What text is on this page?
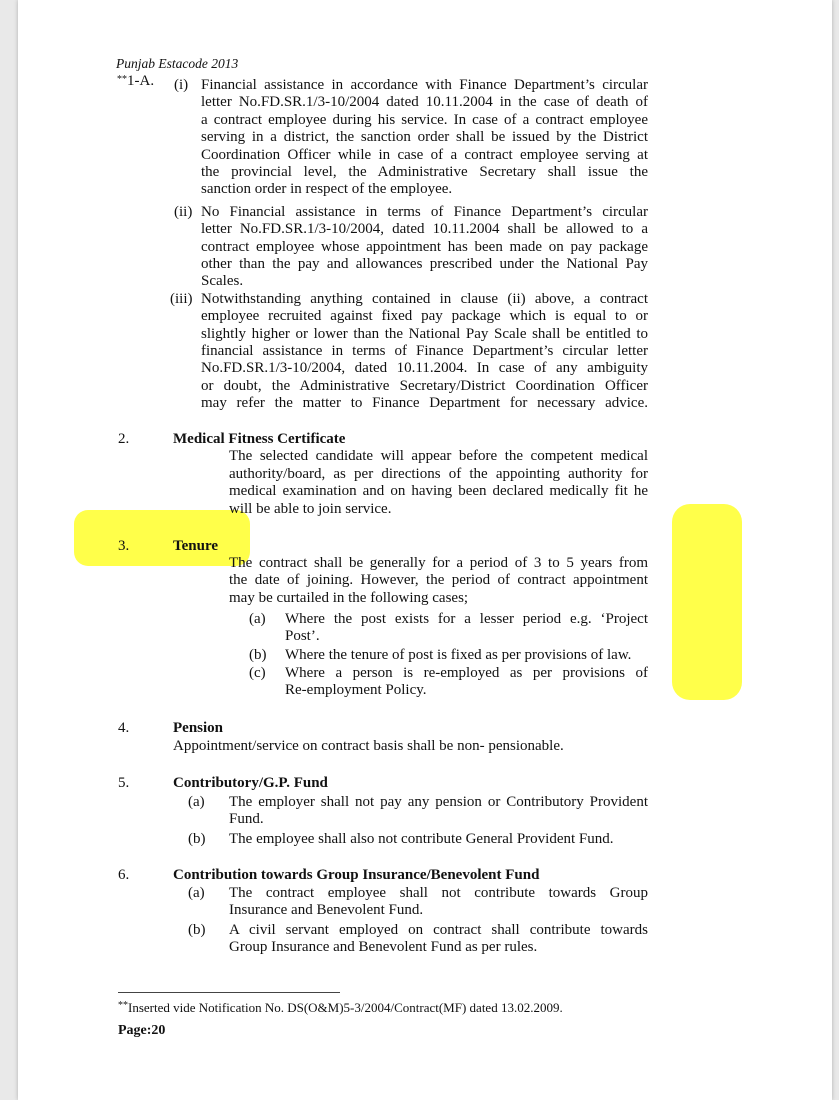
Punjab Estacode 2013
**1-A. (i) Financial assistance in accordance with Finance Department’s circular
letter No.FD.SR.1/3-10/2004 dated 10.11.2004 in the case of death of
a contract employee during his service. In case of a contract employee
serving in a district, the sanction order shall be issued by the District
Coordination Officer while in case of a contract employee serving at
the provincial level, the Administrative Secretary shall issue the
sanction order in respect of the employee.
(ii) No Financial assistance in terms of Finance Department’s circular
letter No.FD.SR.1/3-10/2004, dated 10.11.2004 shall be allowed to a
contract employee whose appointment has been made on pay package
other than the pay and allowances prescribed under the National Pay
Scales.
(iii) Notwithstanding anything contained in clause (ii) above, a contract
employee recruited against fixed pay package which is equal to or
slightly higher or lower than the National Pay Scale shall be entitled to
financial assistance in terms of Finance Department’s circular letter
No.FD.SR.1/3-10/2004, dated 10.11.2004. In case of any ambiguity
or doubt, the Administrative Secretary/District Coordination Officer
may refer the matter to Finance Department for necessary advice.
2.	Medical Fitness Certificate
The selected candidate will appear before the competent medical
authority/board, as per directions of the appointing authority for
medical examination and on having been declared medically fit he
will be able to join service.
3.	Tenure
The contract shall be generally for a period of 3 to 5 years from
the date of joining. However, the period of contract appointment
may be curtailed in the following cases;
(a) Where the post exists for a lesser period e.g. ‘Project
Post’.
(b) Where the tenure of post is fixed as per provisions of law.
(c) Where a person is re-employed as per provisions of
Re-employment Policy.
4.	Pension
Appointment/service on contract basis shall be non- pensionable.
5.	Contributory/G.P. Fund
(a) The employer shall not pay any pension or Contributory Provident
Fund.
(b) The employee shall also not contribute General Provident Fund.
6.	Contribution towards Group Insurance/Benevolent Fund
(a) The contract employee shall not contribute towards Group
Insurance and Benevolent Fund.
(b) A civil servant employed on contract shall contribute towards
Group Insurance and Benevolent Fund as per rules.
**Inserted vide Notification No. DS(O&M)5-3/2004/Contract(MF) dated 13.02.2009.
Page:20
